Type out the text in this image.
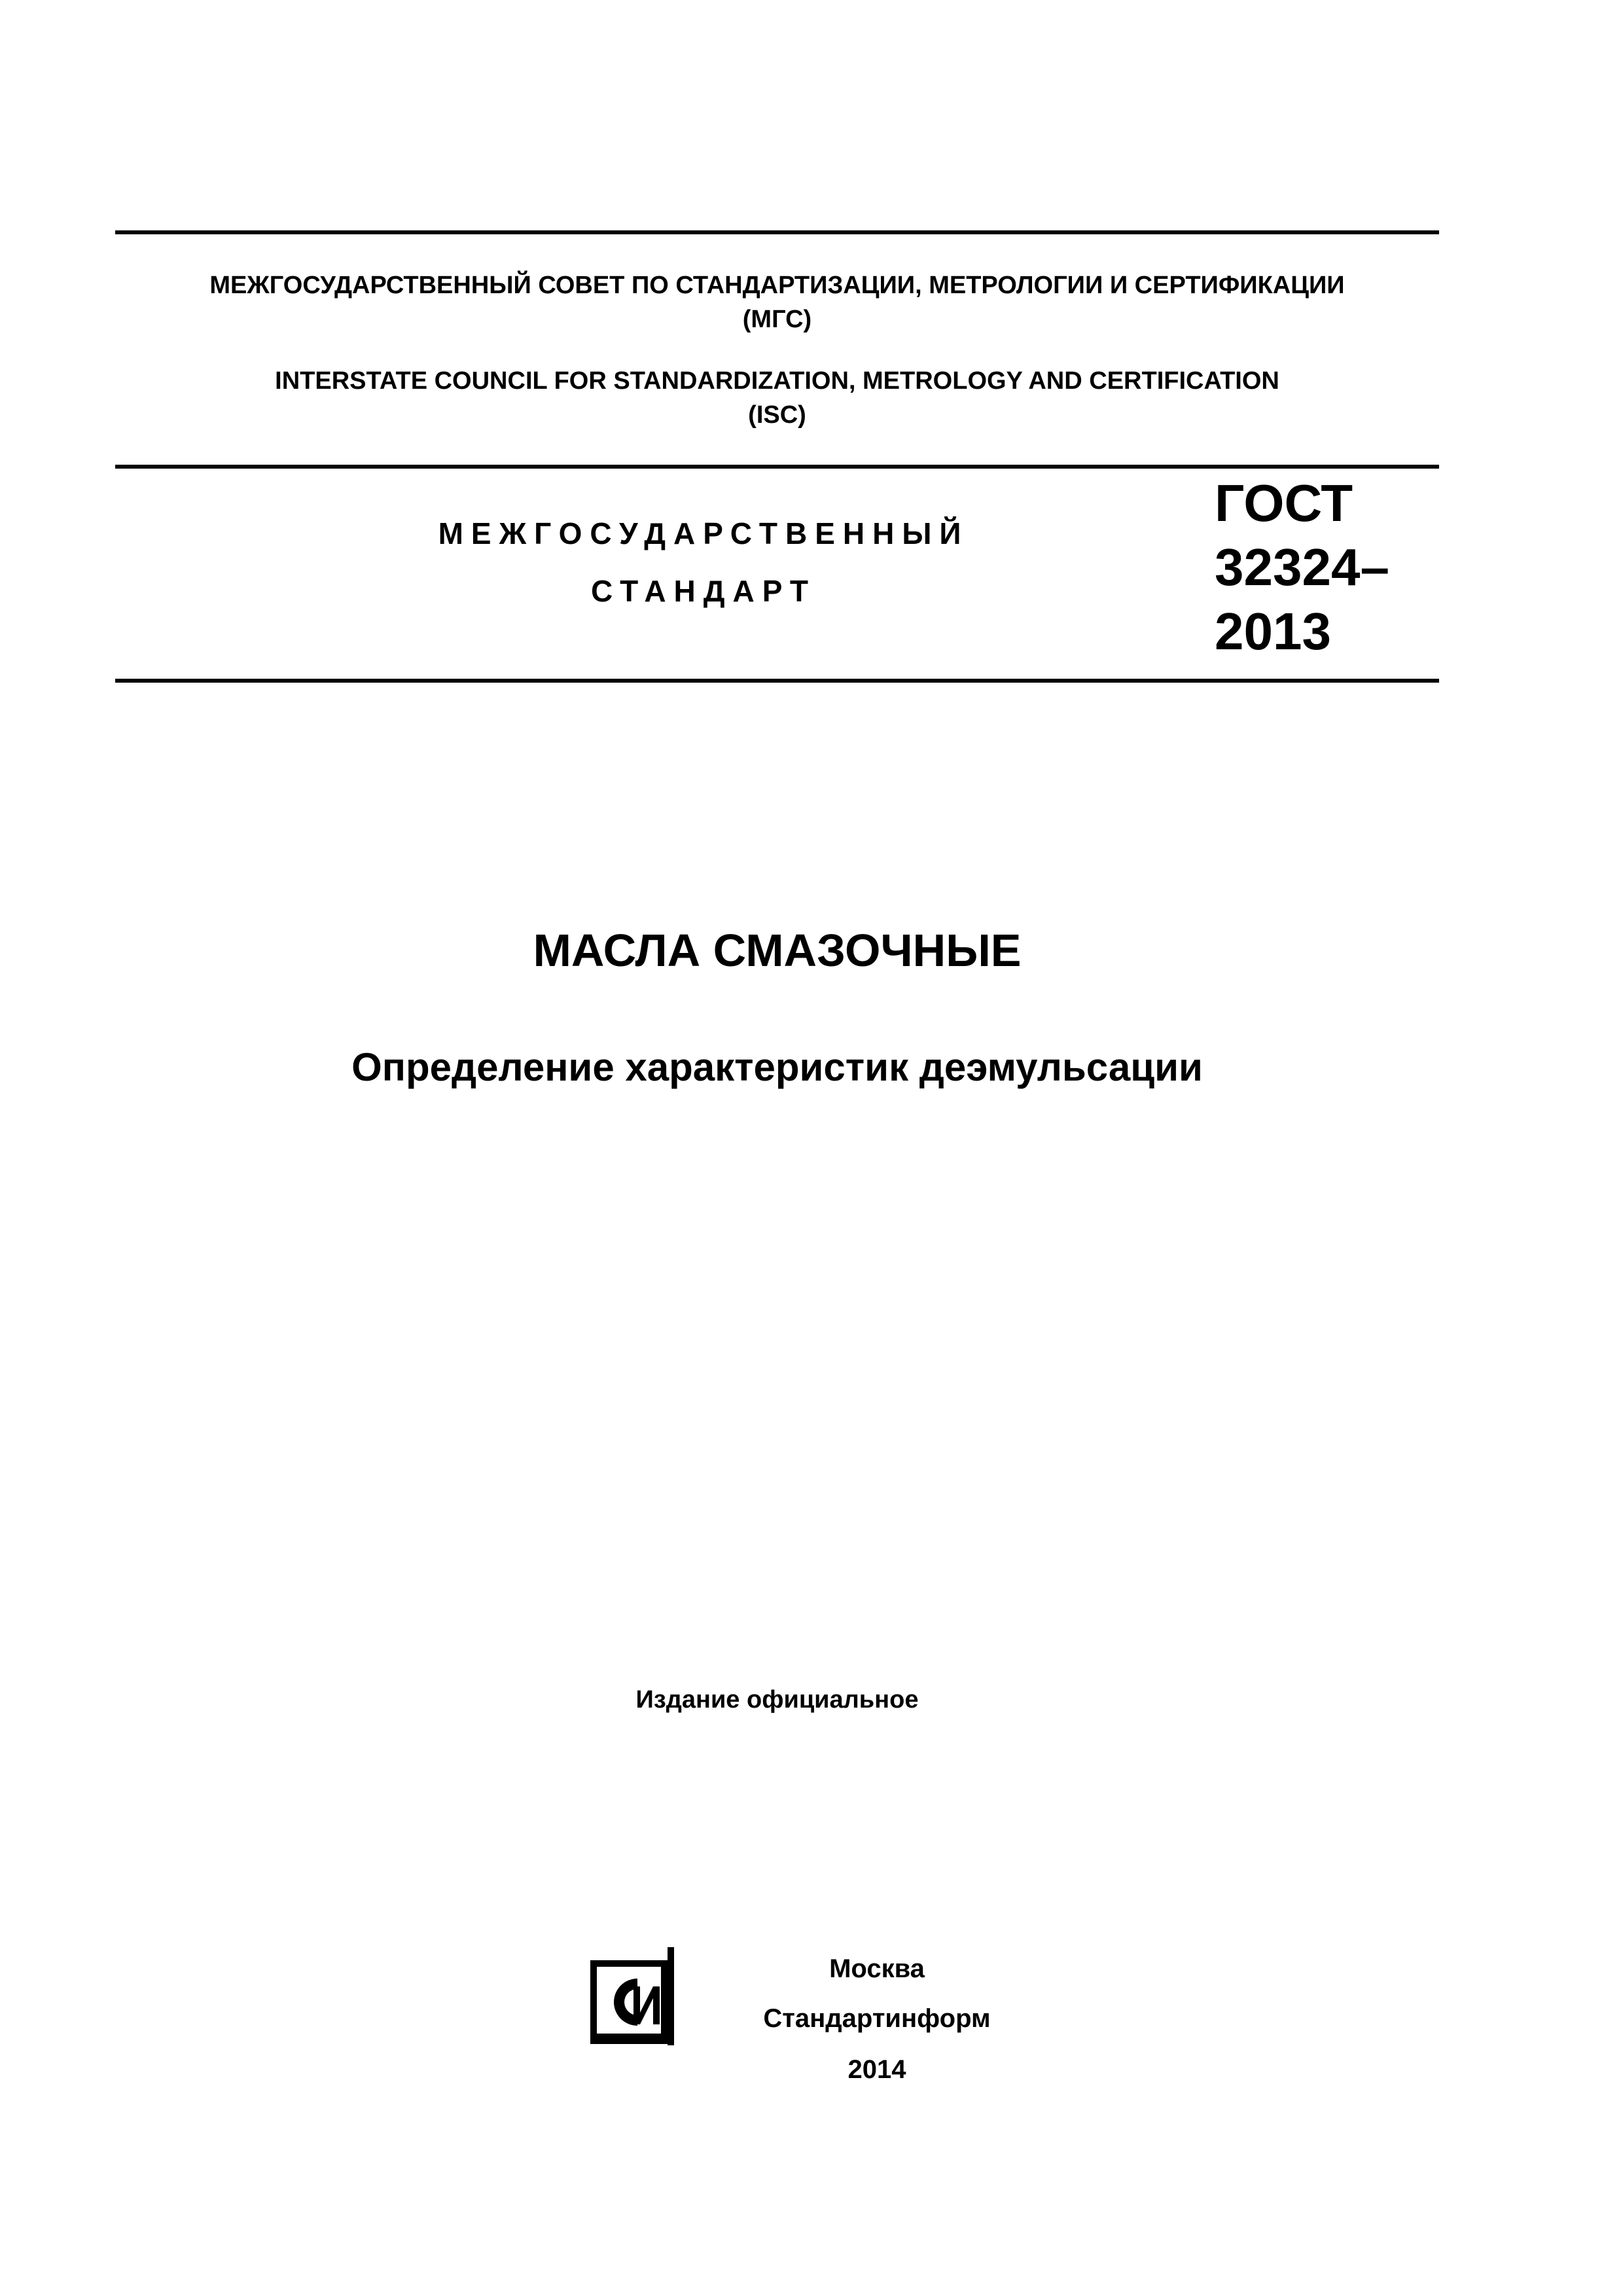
МЕЖГОСУДАРСТВЕННЫЙ СОВЕТ ПО СТАНДАРТИЗАЦИИ, МЕТРОЛОГИИ И СЕРТИФИКАЦИИ
(МГС)
INTERSTATE COUNCIL FOR STANDARDIZATION, METROLOGY AND CERTIFICATION
(ISC)
МЕЖГОСУДАРСТВЕННЫЙ
СТАНДАРТ
ГОСТ
32324–
2013
МАСЛА СМАЗОЧНЫЕ
Определение характеристик деэмульсации
Издание официальное
Москва
Стандартинформ
2014
